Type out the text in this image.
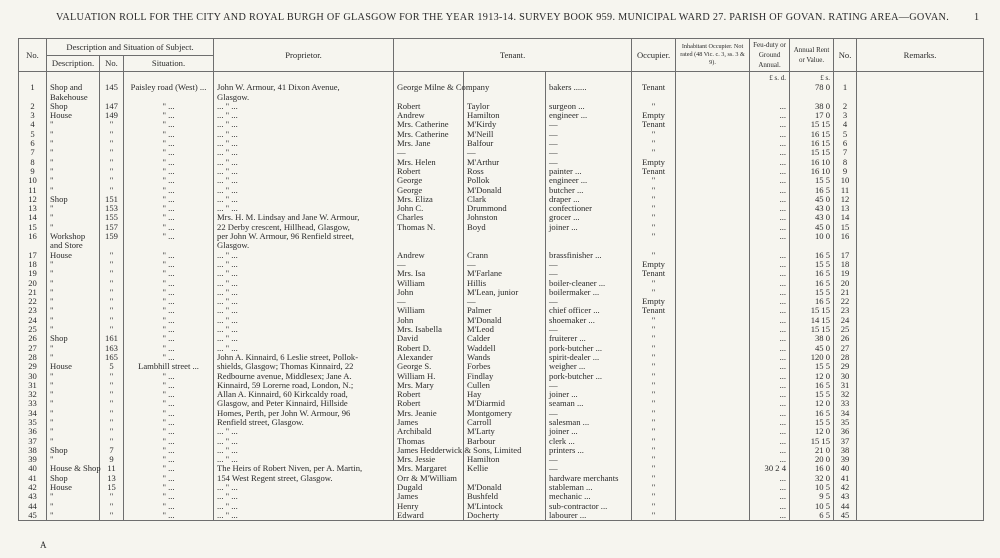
VALUATION ROLL FOR THE CITY AND ROYAL BURGH OF GLASGOW FOR THE YEAR 1913-14. SURVEY BOOK 959. MUNICIPAL WARD 27. PARISH OF GOVAN. RATING AREA—GOVAN. 1
No.	Description and Situation of Subject.			Proprietor.	Tenant.			Occupier.	Inhabitant Occupier. Not rated (48 Vic. c. 3, ss. 3 & 9).	Feu-duty or Ground Annual.	Annual Rent or Value.	No.	Remarks.
	Description.	No.	Situation.										
										£ s. d.	£ s.		
1	Shop and	145	Paisley road (West) ...	John W. Armour, 41 Dixon Avenue,	George Milne & Company		bakers ......	Tenant			78 0	1	
	Bakehouse			Glasgow.									
2	Shop	147	" ...	... " ...	Robert	Taylor	surgeon ...	"		...	38 0	2	
3	House	149	" ...	... " ...	Andrew	Hamilton	engineer ...	Empty		...	17 0	3	
4	"	"	" ...	... " ...	Mrs. Catherine	M'Kirdy	—	Tenant		...	15 15	4	
5	"	"	" ...	... " ...	Mrs. Catherine	M'Neill	—	"		...	16 15	5	
6	"	"	" ...	... " ...	Mrs. Jane	Balfour	—	"		...	16 15	6	
7	"	"	" ...	... " ...	—	—	—	"		...	15 15	7	
8	"	"	" ...	... " ...	Mrs. Helen	M'Arthur	—	Empty		...	16 10	8	
9	"	"	" ...	... " ...	Robert	Ross	painter ...	Tenant		...	16 10	9	
10	"	"	" ...	... " ...	George	Pollok	engineer ...	"		...	15 5	10	
11	"	"	" ...	... " ...	George	M'Donald	butcher ...	"		...	16 5	11	
12	Shop	151	" ...	... " ...	Mrs. Eliza	Clark	draper ...	"		...	45 0	12	
13	"	153	" ...	... " ...	John C.	Drummond	confectioner	"		...	43 0	13	
14	"	155	" ...	Mrs. H. M. Lindsay and Jane W. Armour,	Charles	Johnston	grocer ...	"		...	43 0	14	
15	"	157	" ...	22 Derby crescent, Hillhead, Glasgow,	Thomas N.	Boyd	joiner ...	"		...	45 0	15	
16	Workshop	159	" ...	per John W. Armour, 96 Renfield street,				"		...	10 0	16	
	and Store			Glasgow.									
17	House	"	" ...	... " ...	Andrew	Crann	brassfinisher ...	"		...	16 5	17	
18	"	"	" ...	... " ...	—	—	—	Empty		...	15 5	18	
19	"	"	" ...	... " ...	Mrs. Isa	M'Farlane	—	Tenant		...	16 5	19	
20	"	"	" ...	... " ...	William	Hillis	boiler-cleaner ...	"		...	16 5	20	
21	"	"	" ...	... " ...	John	M'Lean, junior	boilermaker ...	"		...	15 5	21	
22	"	"	" ...	... " ...	—	—	—	Empty		...	16 5	22	
23	"	"	" ...	... " ...	William	Palmer	chief officer ...	Tenant		...	15 15	23	
24	"	"	" ...	... " ...	John	M'Donald	shoemaker ...	"		...	14 15	24	
25	"	"	" ...	... " ...	Mrs. Isabella	M'Leod	—	"		...	15 15	25	
26	Shop	161	" ...	... " ...	David	Calder	fruiterer ...	"		...	38 0	26	
27	"	163	" ...	... " ...	Robert D.	Waddell	pork-butcher ...	"		...	45 0	27	
28	"	165	" ...	John A. Kinnaird, 6 Leslie street, Pollok-	Alexander	Wands	spirit-dealer ...	"		...	120 0	28	
29	House	5	Lambhill street ...	shields, Glasgow; Thomas Kinnaird, 22	George S.	Forbes	weigher ...	"		...	15 5	29	
30	"	"	" ...	Redbourne avenue, Middlesex; Jane A.	William H.	Findlay	pork-butcher ...	"		...	12 0	30	
31	"	"	" ...	Kinnaird, 59 Lorerne road, London, N.;	Mrs. Mary	Cullen	—	"		...	16 5	31	
32	"	"	" ...	Allan A. Kinnaird, 60 Kirkcaldy road,	Robert	Hay	joiner ...	"		...	15 5	32	
33	"	"	" ...	Glasgow, and Peter Kinnaird, Hillside	Robert	M'Diarmid	seaman ...	"		...	12 0	33	
34	"	"	" ...	Homes, Perth, per John W. Armour, 96	Mrs. Jeanie	Montgomery	—	"		...	16 5	34	
35	"	"	" ...	Renfield street, Glasgow.	James	Carroll	salesman ...	"		...	15 5	35	
36	"	"	" ...	... " ...	Archibald	M'Larty	joiner ...	"		...	12 0	36	
37	"	"	" ...	... " ...	Thomas	Barbour	clerk ...	"		...	15 15	37	
38	Shop	7	" ...	... " ...	James Hedderwick & Sons, Limited		printers ...	"		...	21 0	38	
39	"	9	" ...	... " ...	Mrs. Jessie	Hamilton	—	"		...	20 0	39	
40	House & Shop	11	" ...	The Heirs of Robert Niven, per A. Martin,	Mrs. Margaret	Kellie	—	"		30 2 4	16 0	40	
41	Shop	13	" ...	154 West Regent street, Glasgow.	Orr & M'William		hardware merchants	"		...	32 0	41	
42	House	15	" ...	... " ...	Dugald	M'Donald	stableman ...	"		...	10 5	42	
43	"	"	" ...	... " ...	James	Bushfeld	mechanic ...	"		...	9 5	43	
44	"	"	" ...	... " ...	Henry	M'Lintock	sub-contractor ...	"		...	10 5	44	
45	"	"	" ...	... " ...	Edward	Docherty	labourer ...	"		...	6 5	45	
A
